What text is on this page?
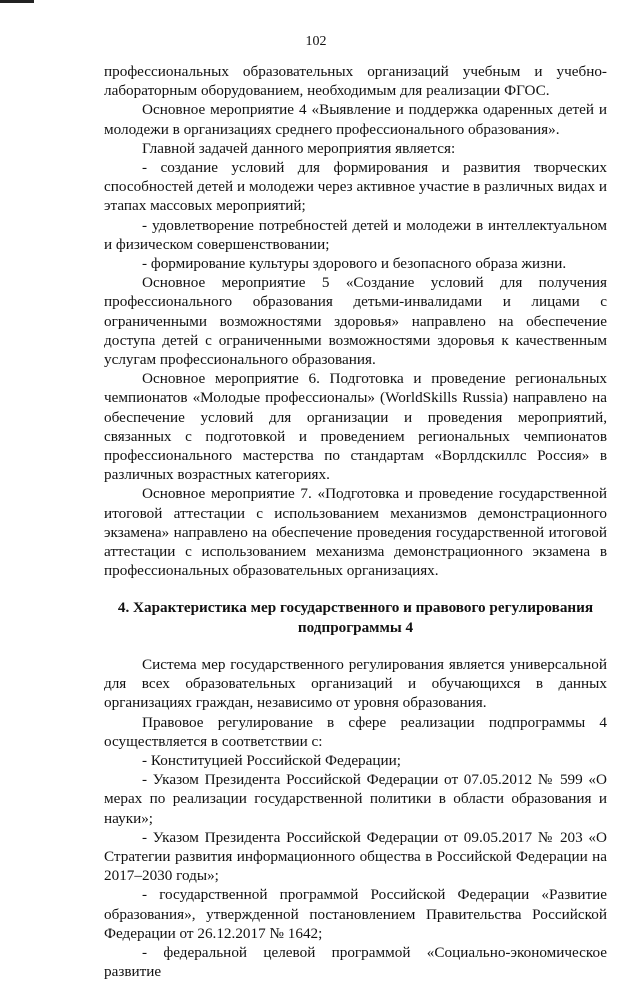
102

профессиональных образовательных организаций учебным и учебно-лабораторным оборудованием, необходимым для реализации ФГОС.

Основное мероприятие 4 «Выявление и поддержка одаренных детей и молодежи в организациях среднего профессионального образования».

Главной задачей данного мероприятия является:

- создание условий для формирования и развития творческих способностей детей и молодежи через активное участие в различных видах и этапах массовых мероприятий;

- удовлетворение потребностей детей и молодежи в интеллектуальном и физическом совершенствовании;

- формирование культуры здорового и безопасного образа жизни.

Основное мероприятие 5 «Создание условий для получения профессионального образования детьми-инвалидами и лицами с ограниченными возможностями здоровья» направлено на обеспечение доступа детей с ограниченными возможностями здоровья к качественным услугам профессионального образования.

Основное мероприятие 6. Подготовка и проведение региональных чемпионатов «Молодые профессионалы» (WorldSkills Russia) направлено на обеспечение условий для организации и проведения мероприятий, связанных с подготовкой и проведением региональных чемпионатов профессионального мастерства по стандартам «Ворлдскиллс Россия» в различных возрастных категориях.

Основное мероприятие 7. «Подготовка и проведение государственной итоговой аттестации с использованием механизмов демонстрационного экзамена» направлено на обеспечение проведения государственной итоговой аттестации с использованием механизма демонстрационного экзамена в профессиональных образовательных организациях.

4. Характеристика мер государственного и правового регулирования
подпрограммы 4

Система мер государственного регулирования является универсальной для всех образовательных организаций и обучающихся в данных организациях граждан, независимо от уровня образования.

Правовое регулирование в сфере реализации подпрограммы 4 осуществляется в соответствии с:

- Конституцией Российской Федерации;

- Указом Президента Российской Федерации от 07.05.2012 № 599 «О мерах по реализации государственной политики в области образования и науки»;

- Указом Президента Российской Федерации от 09.05.2017 № 203 «О Стратегии развития информационного общества в Российской Федерации на 2017–2030 годы»;

- государственной программой Российской Федерации «Развитие образования», утвержденной постановлением Правительства Российской Федерации от 26.12.2017 № 1642;

- федеральной целевой программой «Социально-экономическое развитие
